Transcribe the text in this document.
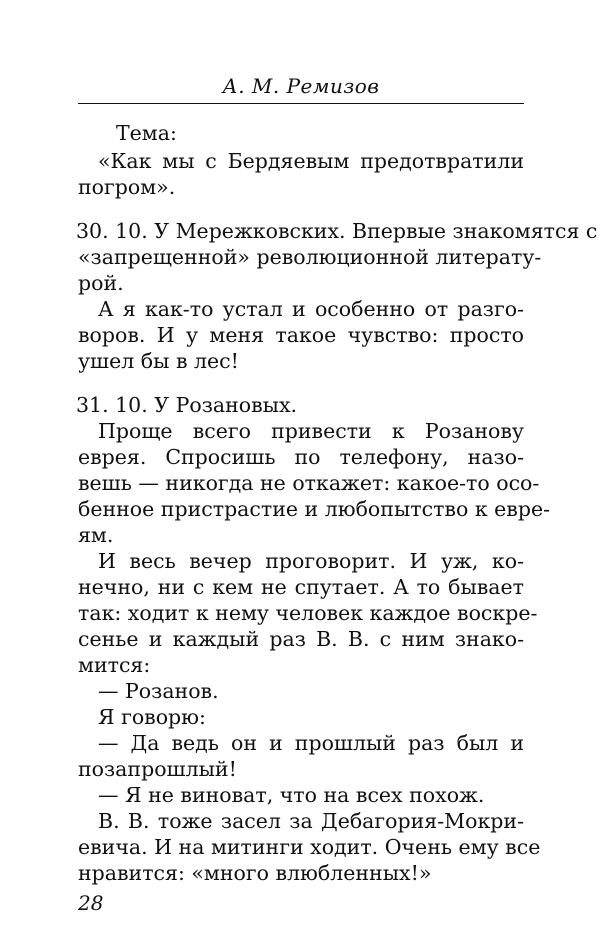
А. М. Ремизов
Тема:
«Как мы с Бердяевым предотвратили
погром».
30. 10. У Мережковских. Впервые знакомятся с
«запрещенной» революционной литерату-
рой.
А я как-то устал и особенно от разго-
воров. И у меня такое чувство: просто
ушел бы в лес!
31. 10. У Розановых.
Проще всего привести к Розанову
еврея. Спросишь по телефону, назо-
вешь — никогда не откажет: какое-то осо-
бенное пристрастие и любопытство к евре-
ям.
И весь вечер проговорит. И уж, ко-
нечно, ни с кем не спутает. А то бывает
так: ходит к нему человек каждое воскре-
сенье и каждый раз В. В. с ним знако-
мится:
— Розанов.
Я говорю:
— Да ведь он и прошлый раз был и
позапрошлый!
— Я не виноват, что на всех похож.
В. В. тоже засел за Дебагория-Мокри-
евича. И на митинги ходит. Очень ему все
нравится: «много влюбленных!»
28
